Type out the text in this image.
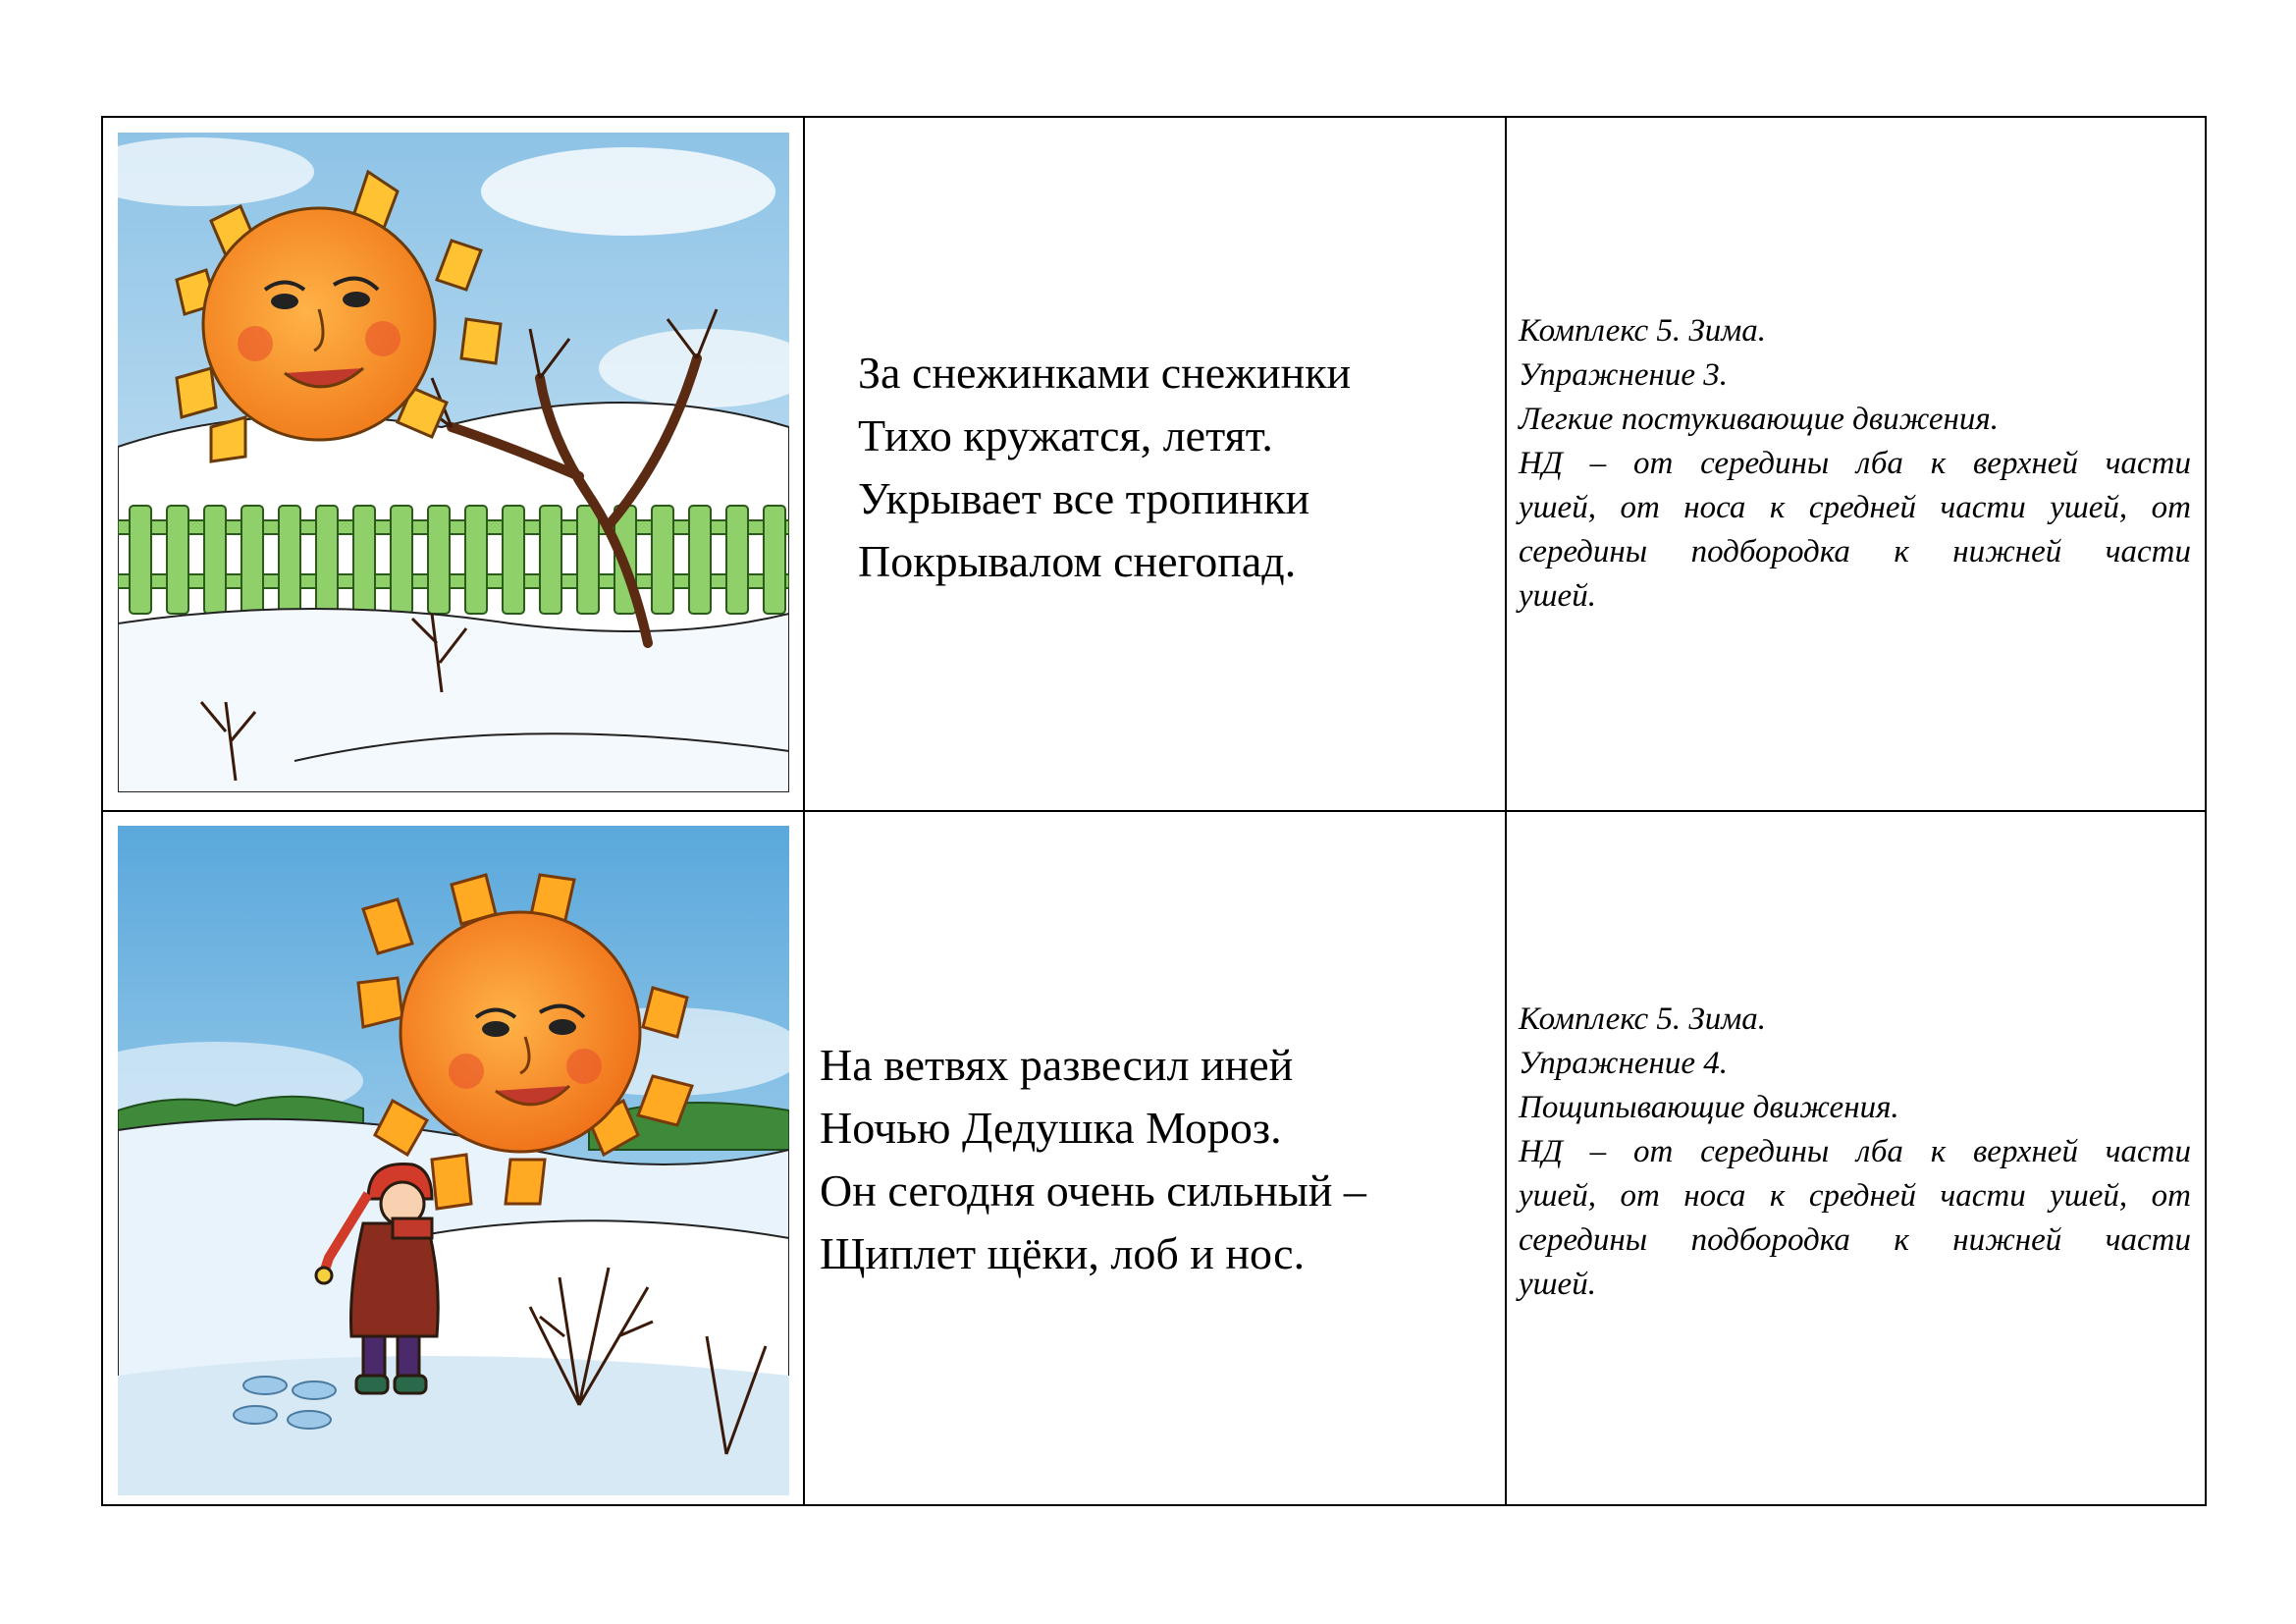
За снежинками снежинки
Тихо кружатся, летят.
Укрывает все тропинки
Покрывалом снегопад.
Комплекс 5. Зима.
Упражнение 3.
Легкие постукивающие движения.
НД – от середины лба к верхней части
ушей, от носа к средней части ушей, от
середины подбородка к нижней части
ушей.
На ветвях развесил иней
Ночью Дедушка Мороз.
Он сегодня очень сильный –
Щиплет щёки, лоб и нос.
Комплекс 5. Зима.
Упражнение 4.
Пощипывающие движения.
НД – от середины лба к верхней части
ушей, от носа к средней части ушей, от
середины подбородка к нижней части
ушей.
